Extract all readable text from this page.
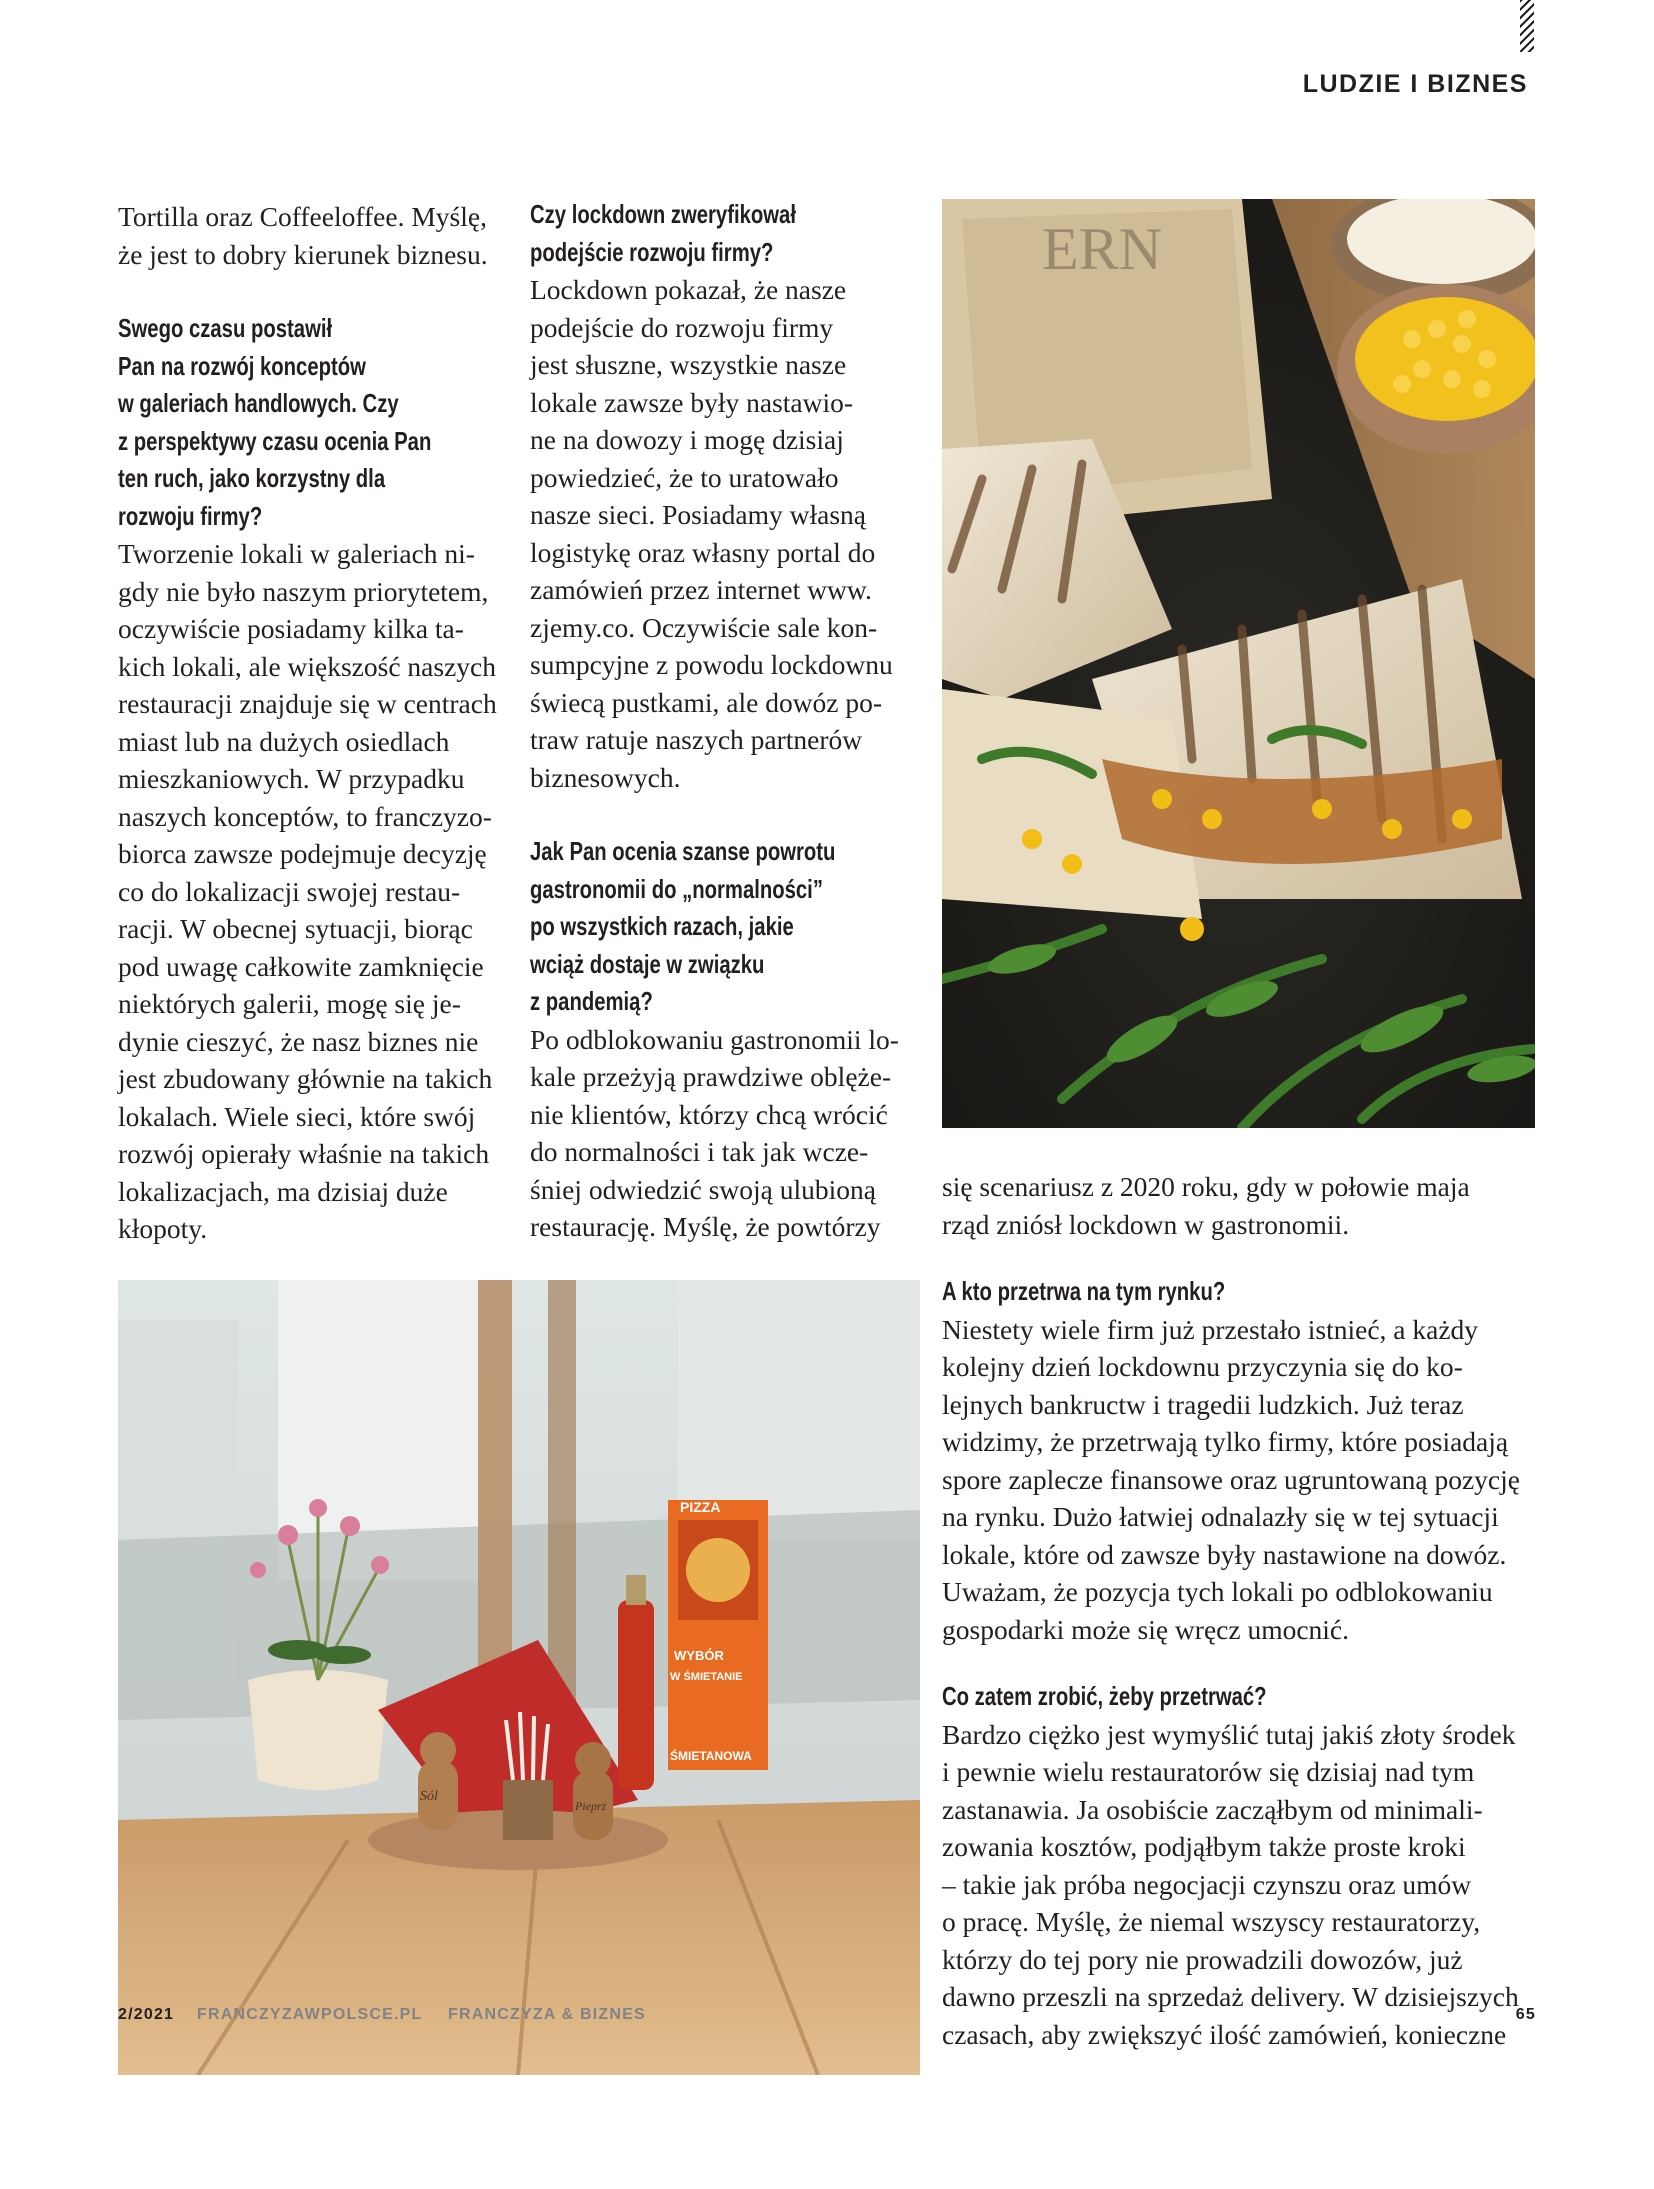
LUDZIE I BIZNES

Tortilla oraz Coffeeloffee. Myślę,

że jest to dobry kierunek biznesu.

Swego czasu postawił

Pan na rozwój konceptów

w galeriach handlowych. Czy

z perspektywy czasu ocenia Pan

ten ruch, jako korzystny dla

rozwoju firmy?

Tworzenie lokali w galeriach ni-

gdy nie było naszym priorytetem,

oczywiście posiadamy kilka ta-

kich lokali, ale większość naszych

restauracji znajduje się w centrach

miast lub na dużych osiedlach

mieszkaniowych. W przypadku

naszych konceptów, to franczyzo-

biorca zawsze podejmuje decyzję

co do lokalizacji swojej restau-

racji. W obecnej sytuacji, biorąc

pod uwagę całkowite zamknięcie

niektórych galerii, mogę się je-

dynie cieszyć, że nasz biznes nie

jest zbudowany głównie na takich

lokalach. Wiele sieci, które swój

rozwój opierały właśnie na takich

lokalizacjach, ma dzisiaj duże

kłopoty.

Czy lockdown zweryfikował

podejście rozwoju firmy?

Lockdown pokazał, że nasze

podejście do rozwoju firmy

jest słuszne, wszystkie nasze

lokale zawsze były nastawio-

ne na dowozy i mogę dzisiaj

powiedzieć, że to uratowało

nasze sieci. Posiadamy własną

logistykę oraz własny portal do

zamówień przez internet www.

zjemy.co. Oczywiście sale kon-

sumpcyjne z powodu lockdownu

świecą pustkami, ale dowóz po-

traw ratuje naszych partnerów

biznesowych.

Jak Pan ocenia szanse powrotu

gastronomii do „normalności”

po wszystkich razach, jakie

wciąż dostaje w związku

z pandemią?

Po odblokowaniu gastronomii lo-

kale przeżyją prawdziwe oblęże-

nie klientów, którzy chcą wrócić

do normalności i tak jak wcze-

śniej odwiedzić swoją ulubioną

restaurację. Myślę, że powtórzy

się scenariusz z 2020 roku, gdy w połowie maja

rząd zniósł lockdown w gastronomii.

A kto przetrwa na tym rynku?

Niestety wiele firm już przestało istnieć, a każdy

kolejny dzień lockdownu przyczynia się do ko-

lejnych bankructw i tragedii ludzkich. Już teraz

widzimy, że przetrwają tylko firmy, które posiadają

spore zaplecze finansowe oraz ugruntowaną pozycję

na rynku. Dużo łatwiej odnalazły się w tej sytuacji

lokale, które od zawsze były nastawione na dowóz.

Uważam, że pozycja tych lokali po odblokowaniu

gospodarki może się wręcz umocnić.

Co zatem zrobić, żeby przetrwać?

Bardzo ciężko jest wymyślić tutaj jakiś złoty środek

i pewnie wielu restauratorów się dzisiaj nad tym

zastanawia. Ja osobiście zacząłbym od minimali-

zowania kosztów, podjąłbym także proste kroki

– takie jak próba negocjacji czynszu oraz umów

o pracę. Myślę, że niemal wszyscy restauratorzy,

którzy do tej pory nie prowadzili dowozów, już

dawno przeszli na sprzedaż delivery. W dzisiejszych

czasach, aby zwiększyć ilość zamówień, konieczne

ERN
PIZZA
WYBÓR
W ŚMIETANIE
ŚMIETANOWA
Sól
Pieprz
2/2021 FRANCZYZAWPOLSCE.PL FRANCZYZA & BIZNES	65
